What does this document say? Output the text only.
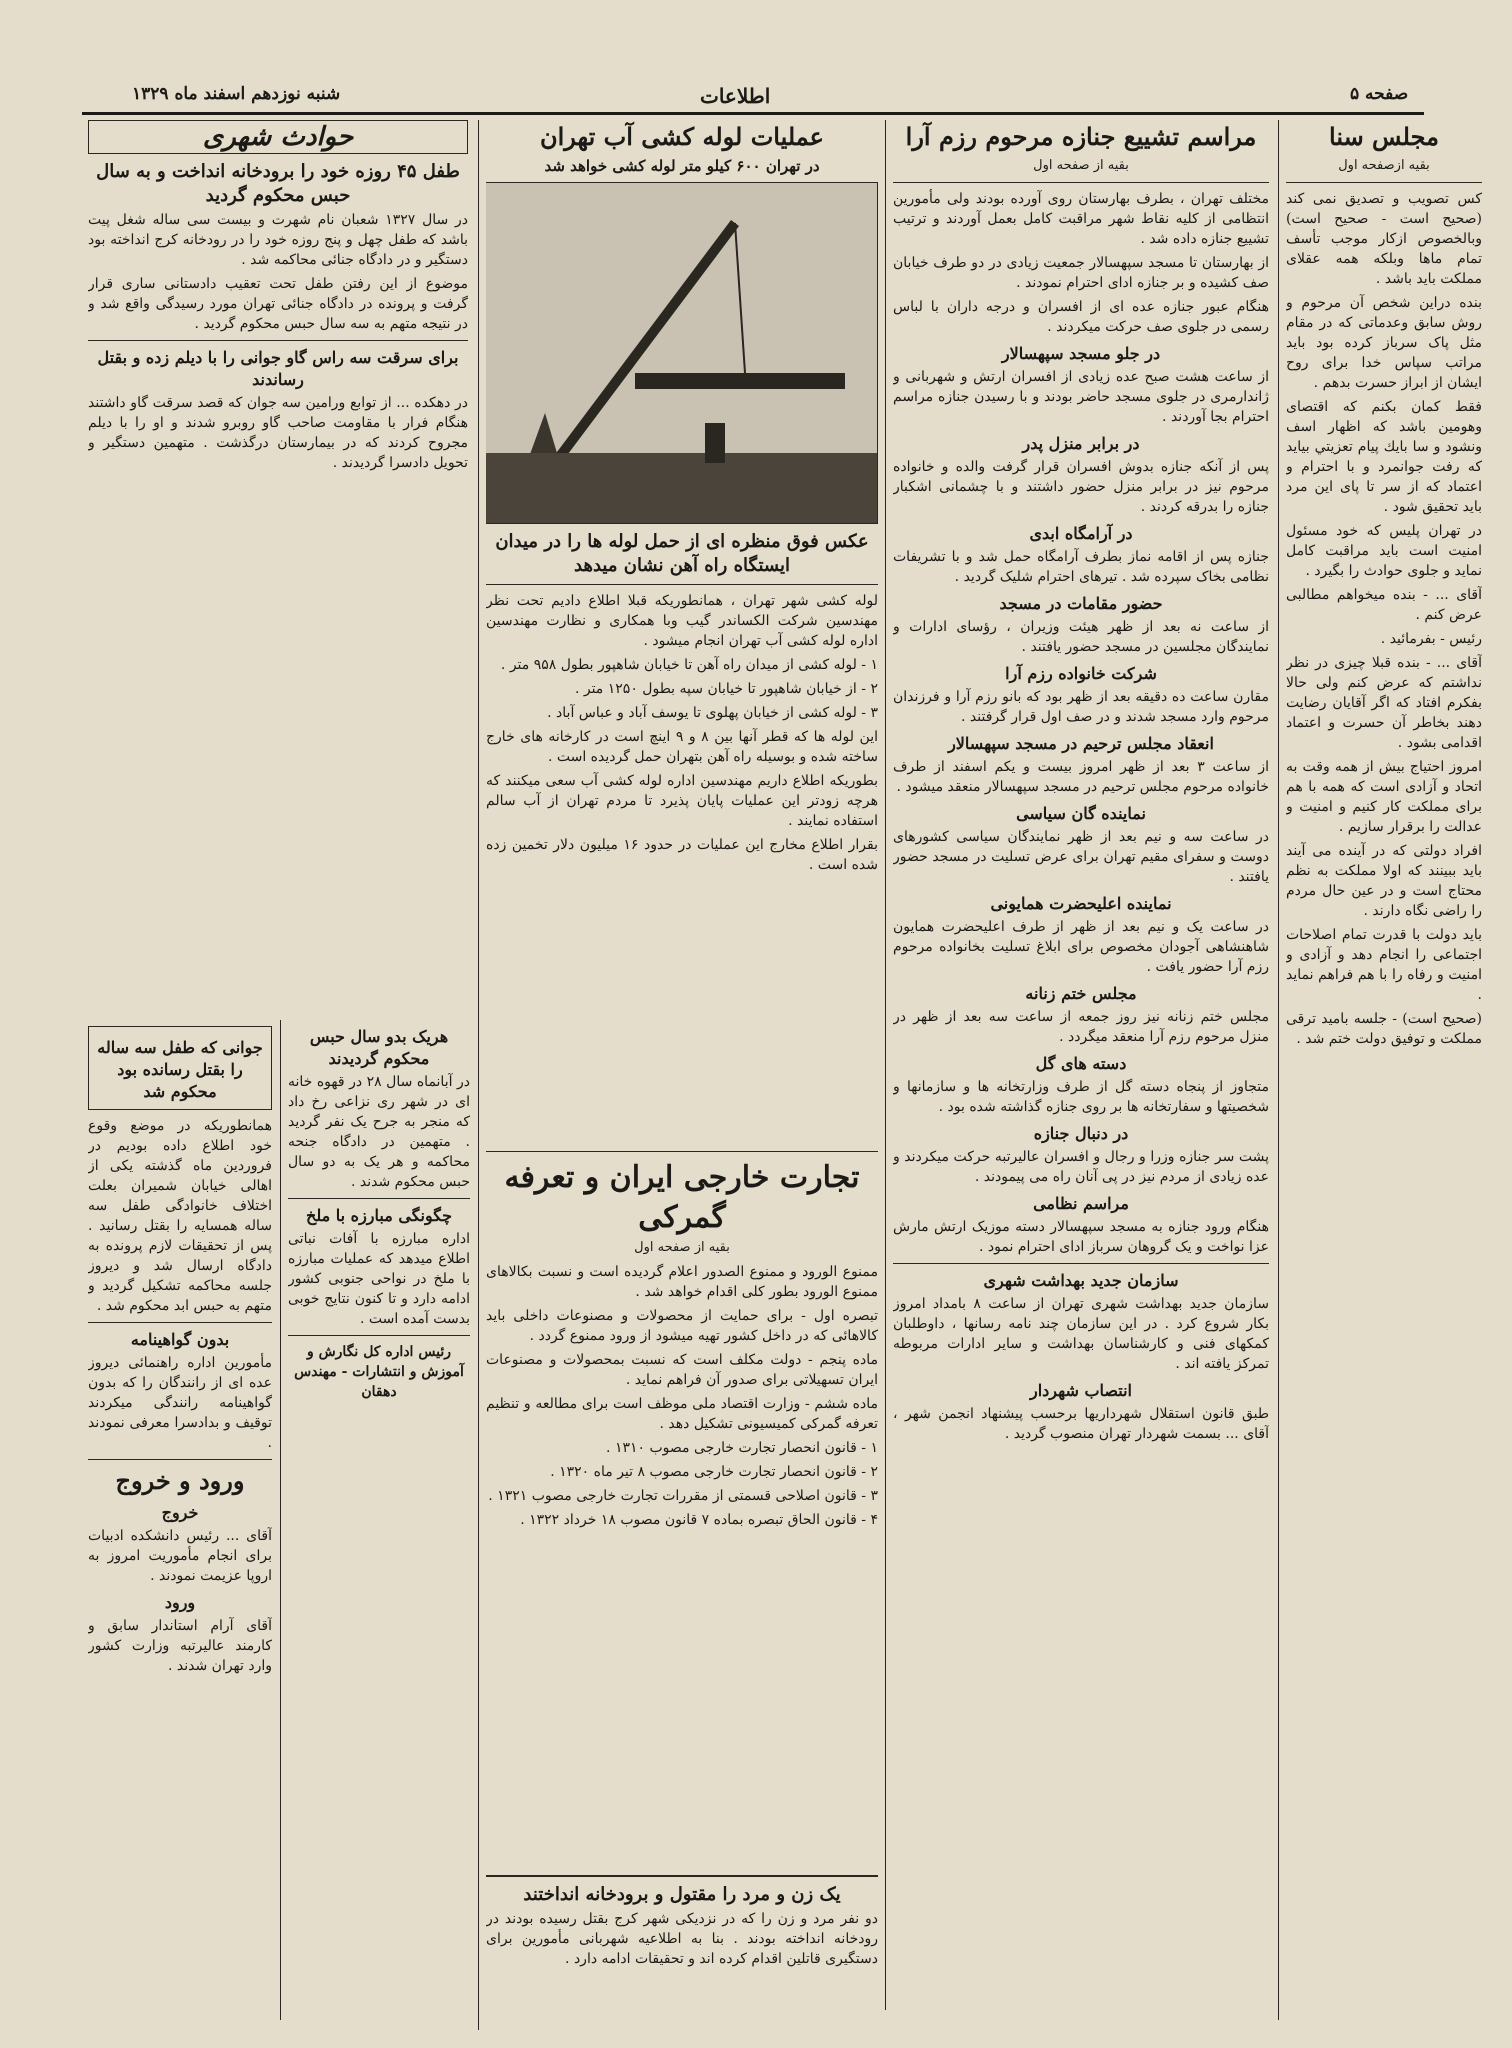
شنبه نوزدهم اسفند ماه ۱۳۲۹	اطلاعات	صفحه ۵
مجلس سنا
بقیه ازصفحه اول

کس تصویب و تصدیق نمی کند (صحیح است - صحیح است) وبالخصوص ازکار موجب تأسف تمام ماها وبلکه همه عقلای مملکت باید باشد .

بنده دراین شخص آن مرحوم و روش سابق وعدماتی که در مقام مثل پاک سرباز کرده بود باید مراتب سپاس خدا برای روح ایشان از ابراز حسرت بدهم .

فقط کمان بکنم که اقتصای وهومین باشد که اظهار اسف ونشود و سا بايك پيام تعزيتي بيايد که رفت جوانمرد و با احترام و اعتماد که از سر تا پای این مرد باید تحقیق شود .

در تهران پلیس که خود مسئول امنیت است باید مراقبت کامل نماید و جلوی حوادث را بگیرد .

آقای ... - بنده میخواهم مطالبی عرض کنم .

رئیس - بفرمائید .

آقای ... - بنده قبلا چیزی در نظر نداشتم که عرض کنم ولی حالا بفکرم افتاد که اگر آقایان رضایت دهند بخاطر آن حسرت و اعتماد اقدامی بشود .

امروز احتیاج بیش از همه وقت به اتحاد و آزادی است که همه با هم برای مملکت کار کنیم و امنیت و عدالت را برقرار سازیم .

افراد دولتی که در آینده می آیند باید ببینند که اولا مملکت به نظم محتاج است و در عین حال مردم را راضی نگاه دارند .

باید دولت با قدرت تمام اصلاحات اجتماعی را انجام دهد و آزادی و امنیت و رفاه را با هم فراهم نماید .

(صحیح است) - جلسه بامید ترقی مملکت و توفیق دولت ختم شد .

مراسم تشییع جنازه مرحوم رزم آرا
بقیه از صفحه اول

مختلف تهران ، بطرف بهارستان روی آورده بودند ولی مأمورین انتظامی از کلیه نقاط شهر مراقبت کامل بعمل آوردند و ترتیب تشییع جنازه داده شد .

از بهارستان تا مسجد سپهسالار جمعیت زیادی در دو طرف خیابان صف کشیده و بر جنازه ادای احترام نمودند .

هنگام عبور جنازه عده ای از افسران و درجه داران با لباس رسمی در جلوی صف حرکت میکردند .

در جلو مسجد سپهسالار

از ساعت هشت صبح عده زیادی از افسران ارتش و شهربانی و ژاندارمری در جلوی مسجد حاضر بودند و با رسیدن جنازه مراسم احترام بجا آوردند .

در برابر منزل پدر

پس از آنکه جنازه بدوش افسران قرار گرفت والده و خانواده مرحوم نیز در برابر منزل حضور داشتند و با چشمانی اشکبار جنازه را بدرقه کردند .

در آرامگاه ابدی

جنازه پس از اقامه نماز بطرف آرامگاه حمل شد و با تشریفات نظامی بخاک سپرده شد . تیرهای احترام شلیک گردید .

حضور مقامات در مسجد

از ساعت نه بعد از ظهر هیئت وزیران ، رؤسای ادارات و نمایندگان مجلسین در مسجد حضور یافتند .

شرکت خانواده رزم آرا

مقارن ساعت ده دقیقه بعد از ظهر بود که بانو رزم آرا و فرزندان مرحوم وارد مسجد شدند و در صف اول قرار گرفتند .

انعقاد مجلس ترحیم در مسجد سپهسالار

از ساعت ۳ بعد از ظهر امروز بیست و یکم اسفند از طرف خانواده مرحوم مجلس ترحیم در مسجد سپهسالار منعقد میشود .

نماینده گان سیاسی

در ساعت سه و نیم بعد از ظهر نمایندگان سیاسی کشورهای دوست و سفرای مقیم تهران برای عرض تسلیت در مسجد حضور یافتند .

نماینده اعلیحضرت همایونی

در ساعت یک و نیم بعد از ظهر از طرف اعلیحضرت همایون شاهنشاهی آجودان مخصوص برای ابلاغ تسلیت بخانواده مرحوم رزم آرا حضور یافت .

مجلس ختم زنانه

مجلس ختم زنانه نیز روز جمعه از ساعت سه بعد از ظهر در منزل مرحوم رزم آرا منعقد میگردد .

دسته های گل

متجاوز از پنجاه دسته گل از طرف وزارتخانه ها و سازمانها و شخصیتها و سفارتخانه ها بر روی جنازه گذاشته شده بود .

در دنبال جنازه

پشت سر جنازه وزرا و رجال و افسران عالیرتبه حرکت میکردند و عده زیادی از مردم نیز در پی آنان راه می پیمودند .

مراسم نظامی

هنگام ورود جنازه به مسجد سپهسالار دسته موزیک ارتش مارش عزا نواخت و یک گروهان سرباز ادای احترام نمود .

سازمان جدید بهداشت شهری

سازمان جدید بهداشت شهری تهران از ساعت ۸ بامداد امروز بکار شروع کرد . در این سازمان چند نامه رسانها ، داوطلبان کمکهای فنی و کارشناسان بهداشت و سایر ادارات مربوطه تمرکز یافته اند .

انتصاب شهردار

طبق قانون استقلال شهرداریها برحسب پیشنهاد انجمن شهر ، آقای ... بسمت شهردار تهران منصوب گردید .

عملیات لوله کشی آب تهران
در تهران ۶۰۰ کیلو متر لوله کشی خواهد شد
عکس فوق منظره ای از حمل لوله ها را در میدان ایستگاه راه آهن نشان میدهد

لوله کشی شهر تهران ، همانطوریکه قبلا اطلاع دادیم تحت نظر مهندسین شرکت الکساندر گیب وبا همکاری و نظارت مهندسین اداره لوله کشی آب تهران انجام میشود .

۱ - لوله کشی از میدان راه آهن تا خیابان شاهپور بطول ۹۵۸ متر .

۲ - از خیابان شاهپور تا خیابان سپه بطول ۱۲۵۰ متر .

۳ - لوله کشی از خیابان پهلوی تا یوسف آباد و عباس آباد .

این لوله ها که قطر آنها بین ۸ و ۹ اینچ است در کارخانه های خارج ساخته شده و بوسیله راه آهن بتهران حمل گردیده است .

بطوریکه اطلاع داریم مهندسین اداره لوله کشی آب سعی میکنند که هرچه زودتر این عملیات پایان پذیرد تا مردم تهران از آب سالم استفاده نمایند .

بقرار اطلاع مخارج این عملیات در حدود ۱۶ میلیون دلار تخمین زده شده است .

تجارت خارجی ایران و تعرفه گمرکی
بقیه از صفحه اول

ممنوع الورود و ممنوع الصدور اعلام گردیده است و نسبت بکالاهای ممنوع الورود بطور کلی اقدام خواهد شد .

تبصره اول - برای حمایت از محصولات و مصنوعات داخلی باید کالاهائی که در داخل کشور تهیه میشود از ورود ممنوع گردد .

ماده پنجم - دولت مکلف است که نسبت بمحصولات و مصنوعات ایران تسهیلاتی برای صدور آن فراهم نماید .

ماده ششم - وزارت اقتصاد ملی موظف است برای مطالعه و تنظیم تعرفه گمرکی کمیسیونی تشکیل دهد .

۱ - قانون انحصار تجارت خارجی مصوب ۱۳۱۰ .

۲ - قانون انحصار تجارت خارجی مصوب ۸ تیر ماه ۱۳۲۰ .

۳ - قانون اصلاحی قسمتی از مقررات تجارت خارجی مصوب ۱۳۲۱ .

۴ - قانون الحاق تبصره بماده ۷ قانون مصوب ۱۸ خرداد ۱۳۲۲ .

حوادث شهری
طفل ۴۵ روزه خود را برودخانه انداخت و به سال حبس محکوم گردید

در سال ۱۳۲۷ شعبان نام شهرت و بیست سی ساله شغل پیت باشد که طفل چهل و پنج روزه خود را در رودخانه کرج انداخته بود دستگیر و در دادگاه جنائی محاکمه شد .

موضوع از این رفتن طفل تحت تعقیب دادستانی ساری قرار گرفت و پرونده در دادگاه جنائی تهران مورد رسیدگی واقع شد و در نتیجه متهم به سه سال حبس محکوم گردید .

برای سرقت سه راس گاو جوانی را با دیلم زده و بقتل رساندند

در دهکده ... از توابع ورامین سه جوان که قصد سرقت گاو داشتند هنگام فرار با مقاومت صاحب گاو روبرو شدند و او را با دیلم مجروح کردند که در بیمارستان درگذشت . متهمین دستگیر و تحویل دادسرا گردیدند .

جوانی که طفل سه ساله را بقتل رسانده بود محکوم شد

همانطوریکه در موضع وقوع خود اطلاع داده بودیم در فروردین ماه گذشته یکی از اهالی خیابان شمیران بعلت اختلاف خانوادگی طفل سه ساله همسایه را بقتل رسانید . پس از تحقیقات لازم پرونده به دادگاه ارسال شد و دیروز جلسه محاکمه تشکیل گردید و متهم به حبس ابد محکوم شد .

بدون گواهینامه

مأمورین اداره راهنمائی دیروز عده ای از رانندگان را که بدون گواهینامه رانندگی میکردند توقیف و بدادسرا معرفی نمودند .

ورود و خروج
خروج

آقای ... رئیس دانشکده ادبیات برای انجام مأموریت امروز به اروپا عزیمت نمودند .

ورود

آقای آرام استاندار سابق و کارمند عالیرتبه وزارت کشور وارد تهران شدند .

هریک بدو سال حبس محکوم گردیدند

در آبانماه سال ۲۸ در قهوه خانه ای در شهر ری نزاعی رخ داد که منجر به جرح یک نفر گردید . متهمین در دادگاه جنحه محاکمه و هر یک به دو سال حبس محکوم شدند .

چگونگی مبارزه با ملخ

اداره مبارزه با آفات نباتی اطلاع میدهد که عملیات مبارزه با ملخ در نواحی جنوبی کشور ادامه دارد و تا کنون نتایج خوبی بدست آمده است .

رئیس اداره کل نگارش و آموزش و انتشارات - مهندس دهقان

یک زن و مرد را مقتول و برودخانه انداختند

دو نفر مرد و زن را که در نزدیکی شهر کرج بقتل رسیده بودند در رودخانه انداخته بودند . بنا به اطلاعیه شهربانی مأمورین برای دستگیری قاتلین اقدام کرده اند و تحقیقات ادامه دارد .
